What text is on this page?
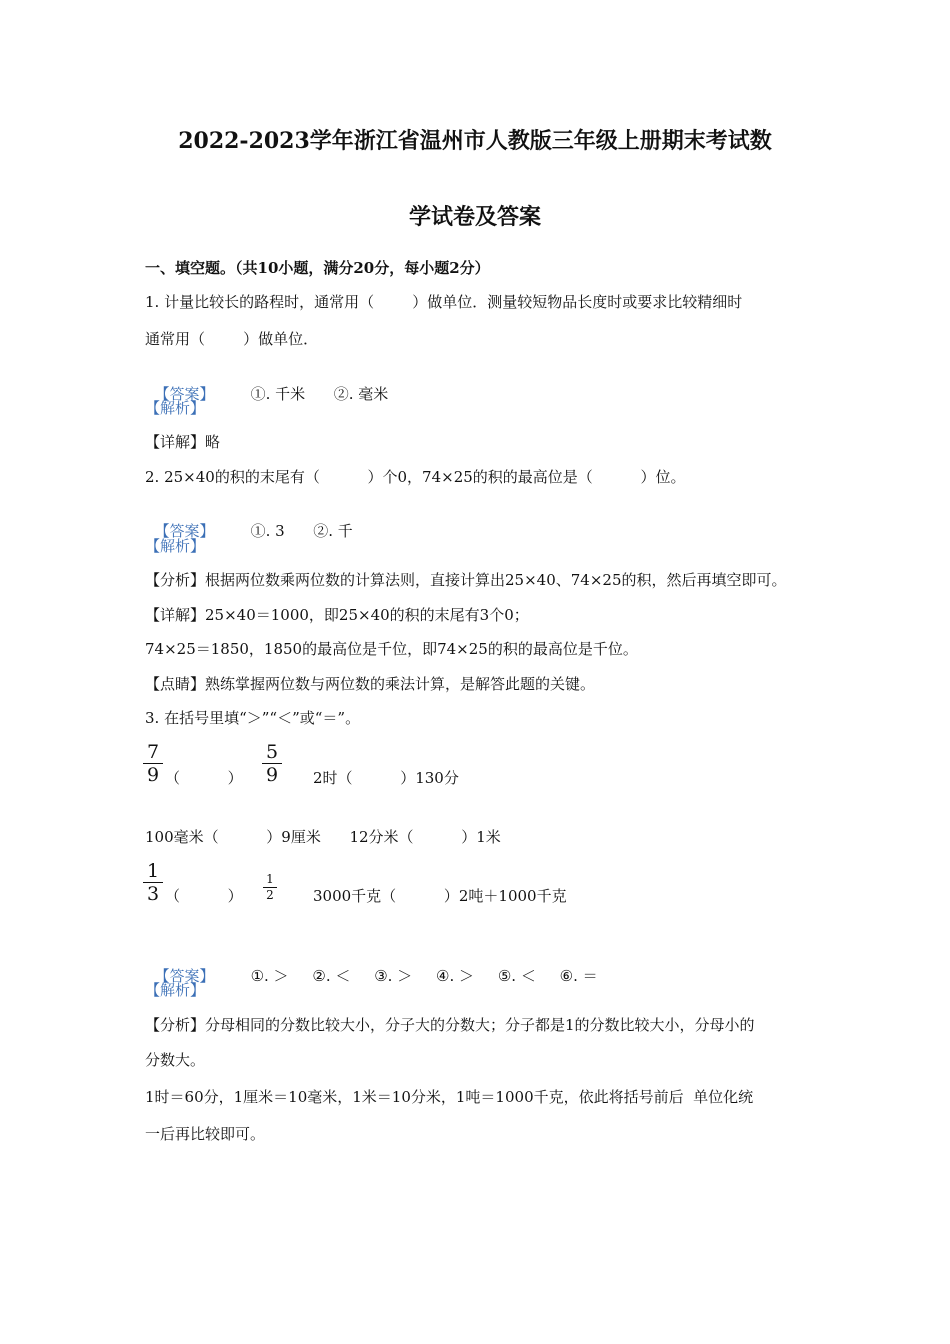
2022-2023学年浙江省温州市人教版三年级上册期末考试数
学试卷及答案
一、填空题。（共10小题，满分20分，每小题2分）
1. 计量比较长的路程时，通常用（        ）做单位．测量较短物品长度时或要求比较精细时
通常用（        ）做单位．

【答案】 ①. 千米      ②. 毫米

【解析】
【详解】略
2. 25×40的积的末尾有（          ）个0，74×25的积的最高位是（          ）位。

【答案】 ①. 3      ②. 千

【解析】
【分析】根据两位数乘两位数的计算法则，直接计算出25×40、74×25的积，然后再填空即可。
【详解】25×40＝1000，即25×40的积的末尾有3个0；
74×25＝1850，1850的最高位是千位，即74×25的积的最高位是千位。
【点睛】熟练掌握两位数与两位数的乘法计算，是解答此题的关键。
3. 在括号里填“＞”“＜”或“＝”。
7
9 （          ）
5
9 2时（          ）130分
100毫米（          ）9厘米      12分米（          ）1米
1
3 （          ）
1
2	3000千克（          ）2吨＋1000千克

【答案】 ①. ＞     ②. ＜     ③. ＞     ④. ＞     ⑤. ＜     ⑥. ＝

【解析】
【分析】分母相同的分数比较大小，分子大的分数大；分子都是1的分数比较大小，分母小的
分数大。
1时＝60分，1厘米＝10毫米，1米＝10分米，1吨＝1000千克，依此将括号前后  单位化统
一后再比较即可。
